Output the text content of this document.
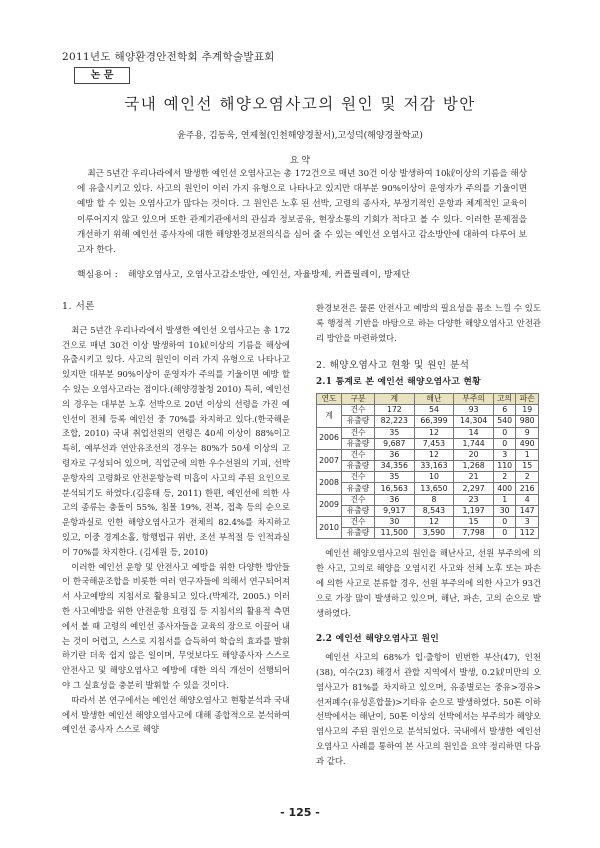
2011년도 해양환경안전학회 추계학술발표회
논 문
국내 예인선 해양오염사고의 원인 및 저감 방안
윤주용, 김동욱, 연제철(인천해양경찰서),고성덕(해양경찰학교)
요 약
최근 5년간 우리나라에서 발생한 예인선 오염사고는 총 172건으로 매년 30건 이상 발생하여 10㎘이상의 기름을 해상에 유출시키고 있다. 사고의 원인이 이러 가지 유형으로 나타나고 있지만 대부분 90%이상이 운영자가 주의를 기울이면 예방 할 수 있는 오염사고가 많다는 것이다. 그 원인은 노후 된 선박, 고령의 종사자, 부정기적인 운항과 체계적인 교육이 이루어지지 않고 있으며 또한 관계기관에서의 관심과 정보공유, 현장소통의 기회가 적다고 볼 수 있다. 이러한 문제점을 개선하기 위해 예인선 종사자에 대한 해양환경보전의식을 심어 줄 수 있는 예인선 오염사고 감소방안에 대하여 다루어 보고자 한다.
핵심용어 : 해양오염사고, 오염사고감소방안, 예인선, 자율방제, 커플릴레이, 방제단
1. 서론

최근 5년간 우리나라에서 발생한 예인선 오염사고는 총 172건으로 매년 30건 이상 발생하여 10㎘이상의 기름을 해상에 유출시키고 있다. 사고의 원인이 이러 가지 유형으로 나타나고 있지만 대부분 90%이상이 운영자가 주의를 기울이면 예방 할 수 있는 오염사고라는 점이다.(해양경찰청 2010) 특히, 예인선의 경우는 대부분 노후 선박으로 20년 이상의 선령을 가진 예인선이 전체 등록 예인선 중 70%를 차지하고 있다.(한국해운조합, 2010) 국내 취업선원의 연령은 40세 이상이 88%이고 특히, 예부선과 연안유조선의 경우는 80%가 50세 이상의 고령자로 구성되어 있으며, 직업군에 의한 우수선원의 기피, 선박운항자의 고령화로 안전운항능력 미흡이 사고의 주된 요인으로 분석되기도 하였다.(김홍태 등, 2011) 한편, 예인선에 의한 사고의 종류는 충돌이 55%, 침몰 19%, 전복, 접촉 등의 순으로 운항과실로 인한 해양오염사고가 전체의 82.4%를 차지하고 있고, 이중 경계소홀, 항행법규 위반, 조선 부적절 등 인적과실이 70%를 차지한다. (김세원 등, 2010)

이러한 예인선 운항 및 안전사고 예방을 위한 다양한 방안들이 한국해운조합을 비롯한 여러 연구자들에 의해서 연구되어져서 사고예방의 지침서로 활용되고 있다.(박제각, 2005.) 이러한 사고예방을 위한 안전운항 요령집 등 지침서의 활용적 측면에서 볼 때 고령의 예인선 종사자들을 교육의 장으로 이끌어 내는 것이 어렵고, 스스로 지침서를 습득하여 학습의 효과를 발휘하기란 더욱 쉽지 않은 일이며, 무엇보다도 해양종사자 스스로 안전사고 및 해양오염사고 예방에 대한 의식 개선이 선행되어야 그 실효성을 충분히 발휘할 수 있을 것이다.

따라서 본 연구에서는 예인선 해양오염사고 현황분석과 국내에서 발생한 예인선 해양오염사고에 대해 종합적으로 분석하여 예인선 종사자 스스로 해양

환경보전은 물론 안전사고 예방의 필요성을 몸소 느낄 수 있도록 행정적 기반을 바탕으로 하는 다양한 해양오염사고 안전관리 방안을 마련하였다.

2. 해양오염사고 현황 및 원인 분석
2.1 통계로 본 예인선 해양오염사고 현황
연도	구분	계	해난	부주의	고의	파손
계	건수	172	54	93	6	19
	유출량	82,223	66,399	14,304	540	980
2006	건수	35	12	14	0	9
	유출량	9,687	7,453	1,744	0	490
2007	건수	36	12	20	3	1
	유출량	34,356	33,163	1,268	110	15
2008	건수	35	10	21	2	2
	유출량	16,563	13,650	2,297	400	216
2009	건수	36	8	23	1	4
	유출량	9,917	8,543	1,197	30	147
2010	건수	30	12	15	0	3
	유출량	11,500	3,590	7,798	0	112

예인선 해양오염사고의 원인을 해난사고, 선원 부주의에 의한 사고, 고의로 해양을 오염시킨 사고와 선체 노후 또는 파손에 의한 사고로 분류할 경우, 선원 부주의에 의한 사고가 93건으로 가장 많이 발생하고 있으며, 해난, 파손, 고의 순으로 발생하였다.

2.2 예인선 해양오염사고 원인

예인선 사고의 68%가 입·출항이 빈번한 부산(47), 인천(38), 여수(23) 해경서 관할 지역에서 발생, 0.2㎘미만의 오염사고가 81%를 차지하고 있으며, 유종별로는 중유>경유>선저폐수(유성혼합물)>기타유 순으로 발생하였다. 50톤 이하 선박에서는 해난이, 50톤 이상의 선박에서는 부주의가 해양오염사고의 주된 원인으로 분석되었다. 국내에서 발생한 예인선 오염사고 사례를 통하여 본 사고의 원인을 요약 정리하면 다음과 같다.

- 125 -
